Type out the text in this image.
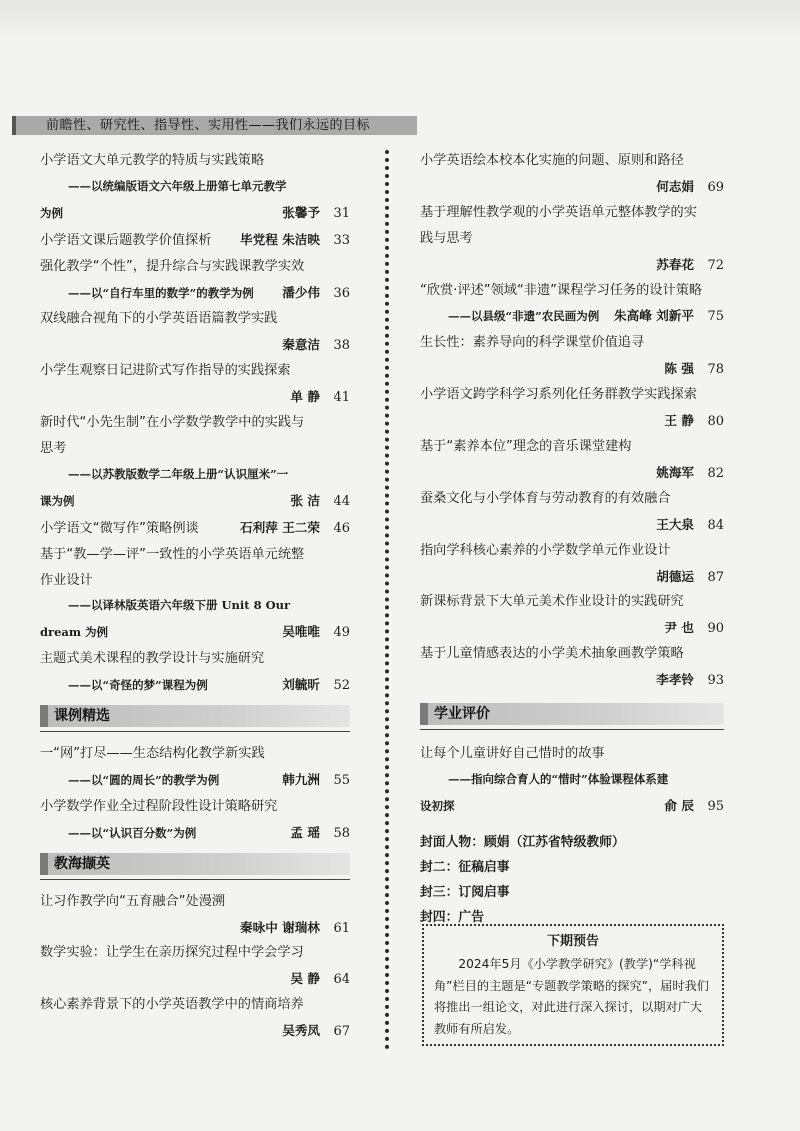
前瞻性、研究性、指导性、实用性——我们永远的目标
小学语文大单元教学的特质与实践策略
——以统编版语文六年级上册第七单元教学
为例	张馨予 31
小学语文课后题教学价值探析 毕党程 朱洁映 33
强化教学“个性”，提升综合与实践课教学实效
——以“自行车里的数学”的教学为例 潘少伟 36
双线融合视角下的小学英语语篇教学实践
秦意洁 38
小学生观察日记进阶式写作指导的实践探索
单 静 41
新时代“小先生制”在小学数学教学中的实践与
思考
——以苏教版数学二年级上册“认识厘米”一
课为例	张 洁 44
小学语文“微写作”策略例谈	石利萍 王二荣 46
基于“教—学—评”一致性的小学英语单元统整
作业设计
——以译林版英语六年级下册 Unit 8 Our
dream 为例	吴唯唯 49
主题式美术课程的教学设计与实施研究
——以“奇怪的梦”课程为例	刘毓昕 52
课例精选
一“网”打尽——生态结构化教学新实践
——以“圆的周长”的教学为例	韩九洲 55
小学数学作业全过程阶段性设计策略研究
——以“认识百分数”为例	孟 瑶 58
教海撷英
让习作教学向“五育融合”处漫溯
秦咏中 谢瑞林 61
数学实验：让学生在亲历探究过程中学会学习
吴 静 64
核心素养背景下的小学英语教学中的情商培养
吴秀凤 67
小学英语绘本校本化实施的问题、原则和路径
何志娟 69
基于理解性教学观的小学英语单元整体教学的实
践与思考
苏春花 72
“欣赏·评述”领域“非遗”课程学习任务的设计策略
——以县级“非遗”农民画为例 朱高峰 刘新平 75
生长性：素养导向的科学课堂价值追寻
陈 强 78
小学语文跨学科学习系列化任务群教学实践探索
王 静 80
基于“素养本位”理念的音乐课堂建构
姚海军 82
蚕桑文化与小学体育与劳动教育的有效融合
王大泉 84
指向学科核心素养的小学数学单元作业设计
胡德运 87
新课标背景下大单元美术作业设计的实践研究
尹 也 90
基于儿童情感表达的小学美术抽象画教学策略
李孝铃 93
学业评价
让每个儿童讲好自己惜时的故事
——指向综合育人的“惜时”体验课程体系建
设初探	俞 辰 95
封面人物：顾娟（江苏省特级教师）
封二：征稿启事
封三：订阅启事
封四：广告
下期预告
2024年5月《小学教学研究》(教学)“学科视角”栏目的主题是“专题教学策略的探究”，届时我们将推出一组论文，对此进行深入探讨，以期对广大教师有所启发。
